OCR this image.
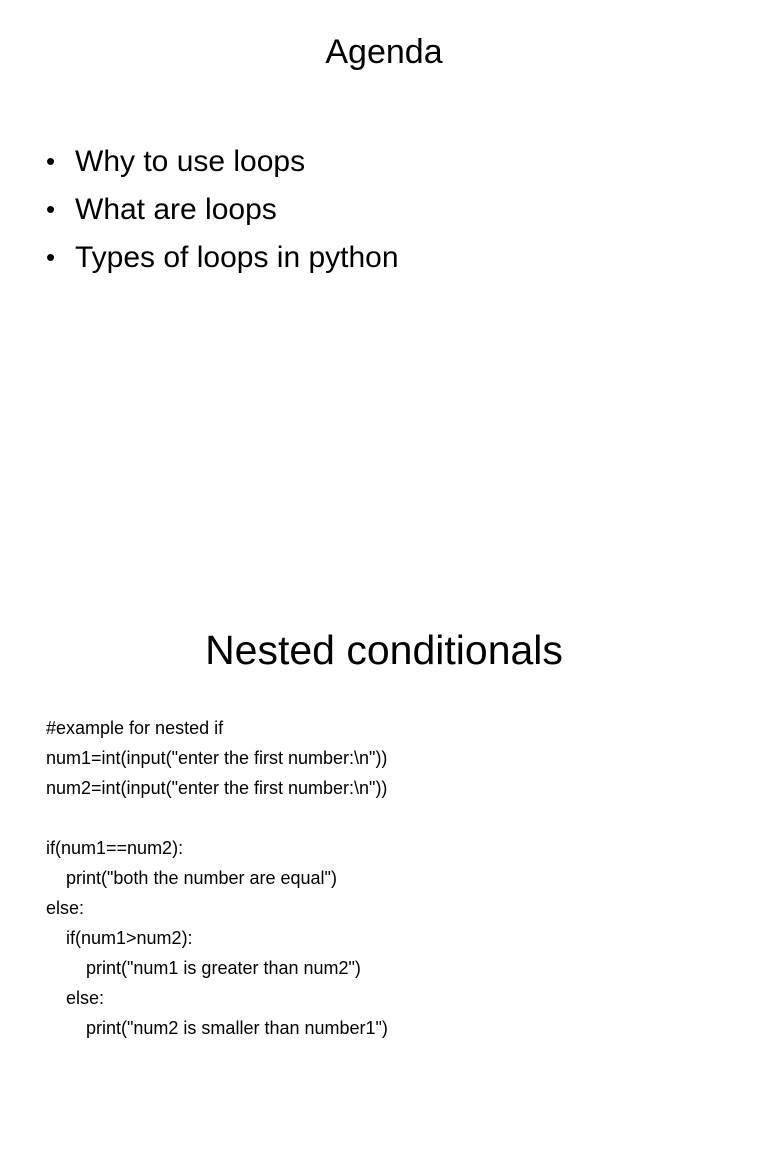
Agenda
• Why to use loops
• What are loops
• Types of loops in python
Nested conditionals
#example for nested if
num1=int(input("enter the first number:\n"))
num2=int(input("enter the first number:\n"))
if(num1==num2):
print("both the number are equal")
else:
if(num1>num2):
print("num1 is greater than num2")
else:
print("num2 is smaller than number1")
